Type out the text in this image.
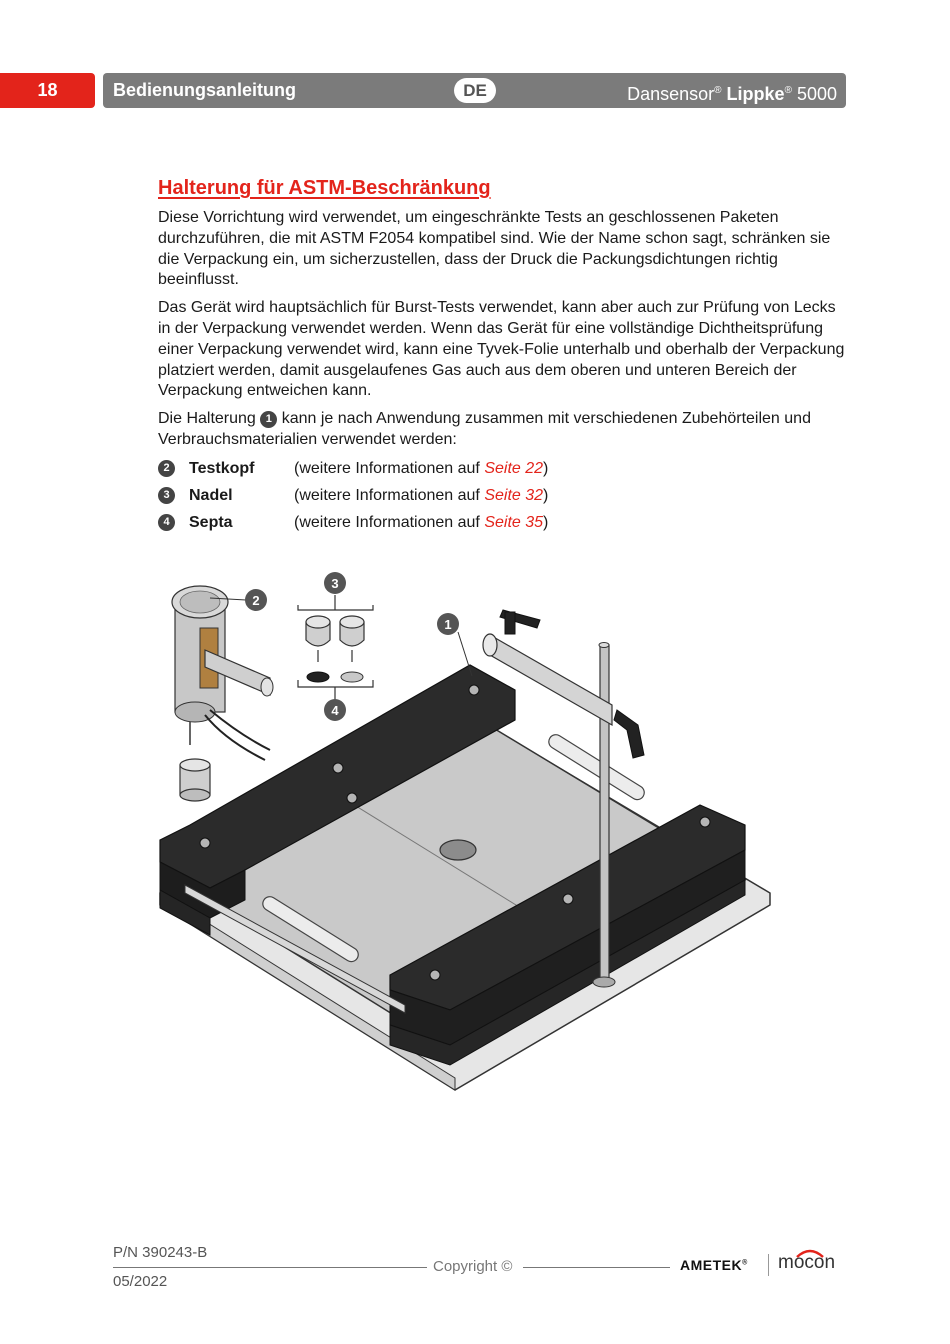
18	Bedienungsanleitung	DE	Dansensor® Lippke® 5000
Halterung für ASTM-Beschränkung

Diese Vorrichtung wird verwendet, um eingeschränkte Tests an geschlossenen Paketen durchzuführen, die mit ASTM F2054 kompatibel sind. Wie der Name schon sagt, schränken sie die Verpackung ein, um sicherzustellen, dass der Druck die Packungsdichtungen richtig beeinflusst.

Das Gerät wird hauptsächlich für Burst-Tests verwendet, kann aber auch zur Prüfung von Lecks in der Verpackung verwendet werden. Wenn das Gerät für eine vollständige Dichtheitsprüfung einer Verpackung verwendet wird, kann eine Tyvek-Folie unterhalb und oberhalb der Verpackung platziert werden, damit ausgelaufenes Gas auch aus dem oberen und unteren Bereich der Verpackung entweichen kann.

Die Halterung 1 kann je nach Anwendung zusammen mit verschiedenen Zubehörteilen und Verbrauchsmaterialien verwendet werden:

2	Testkopf (weitere Informationen auf Seite 22)
3	Nadel	(weitere Informationen auf Seite 32)
4	Septa	(weitere Informationen auf Seite 35)
1
2
3
4
P/N 390243-B
05/2022
Copyright ©	AMETEK® mocon
